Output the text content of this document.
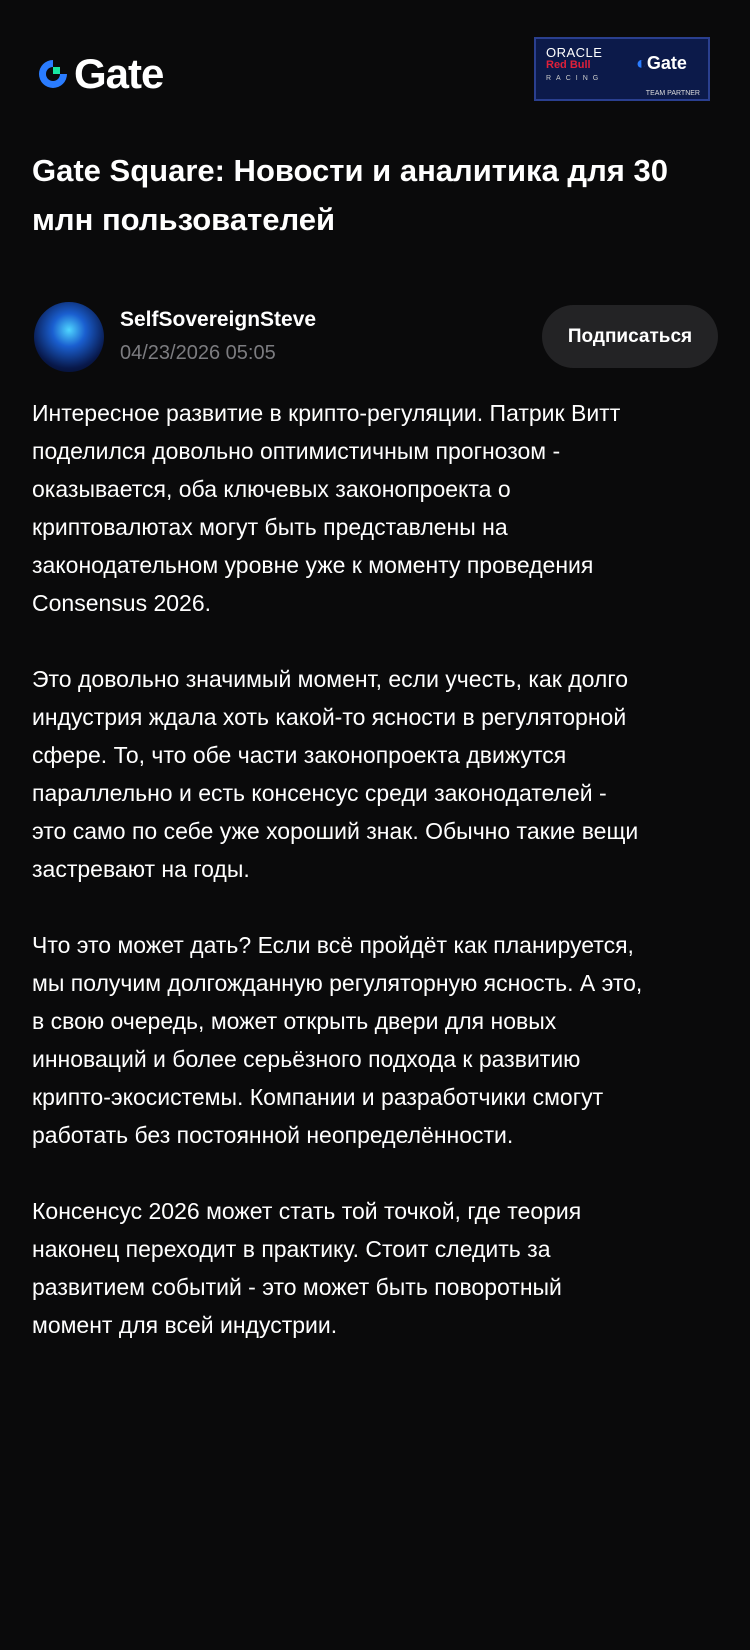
Gate	ORACLE
Red Bull
RACING
◐Gate
TEAM PARTNER
Gate Square: Новости и аналитика для 30 млн пользователей
SelfSovereignSteve
04/23/2026 05:05
Подписаться

Интересное развитие в крипто-регуляции. Патрик Витт
поделился довольно оптимистичным прогнозом -
оказывается, оба ключевых законопроекта о
криптовалютах могут быть представлены на
законодательном уровне уже к моменту проведения
Consensus 2026.

Это довольно значимый момент, если учесть, как долго
индустрия ждала хоть какой-то ясности в регуляторной
сфере. То, что обе части законопроекта движутся
параллельно и есть консенсус среди законодателей -
это само по себе уже хороший знак. Обычно такие вещи
застревают на годы.

Что это может дать? Если всё пройдёт как планируется,
мы получим долгожданную регуляторную ясность. А это,
в свою очередь, может открыть двери для новых
инноваций и более серьёзного подхода к развитию
крипто-экосистемы. Компании и разработчики смогут
работать без постоянной неопределённости.

Консенсус 2026 может стать той точкой, где теория
наконец переходит в практику. Стоит следить за
развитием событий - это может быть поворотный
момент для всей индустрии.
